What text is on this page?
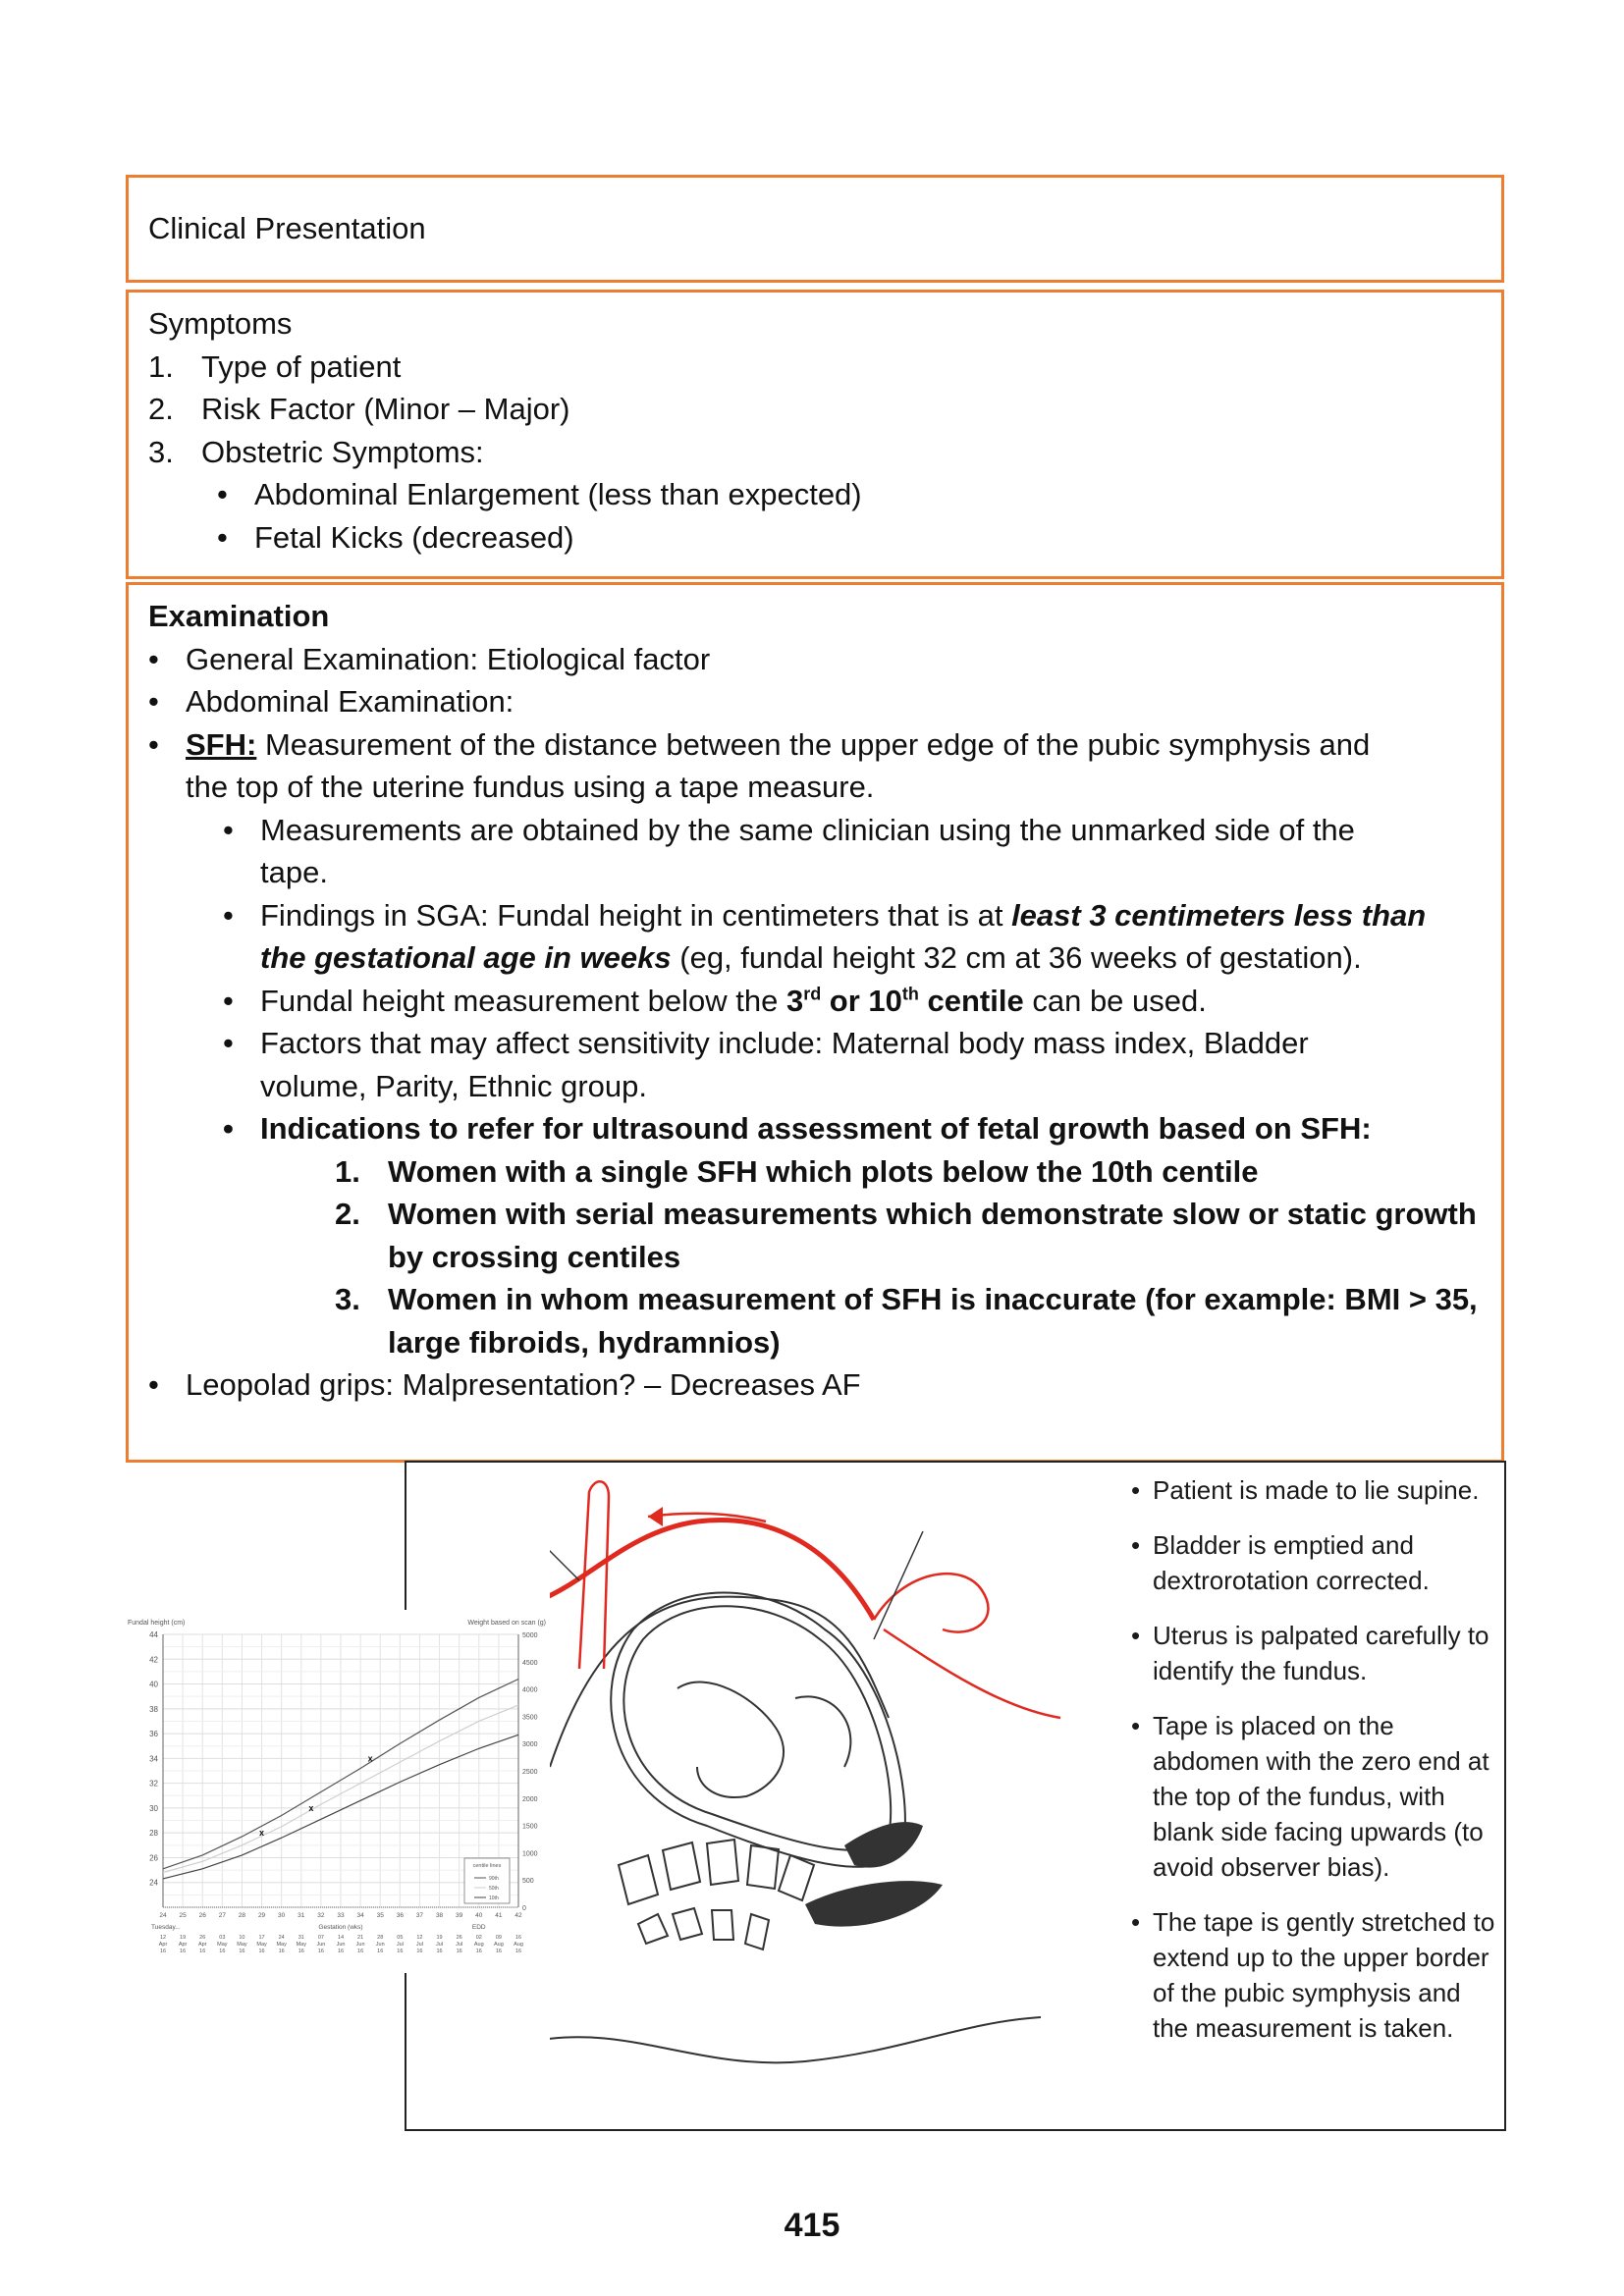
Clinical Presentation
Symptoms
1. Type of patient
2. Risk Factor (Minor – Major)
3. Obstetric Symptoms:
• Abdominal Enlargement (less than expected)
• Fetal Kicks (decreased)
Examination
• General Examination: Etiological factor
• Abdominal Examination:
• SFH: Measurement of the distance between the upper edge of the pubic symphysis and
the top of the uterine fundus using a tape measure.
• Measurements are obtained by the same clinician using the unmarked side of the
tape.
• Findings in SGA: Fundal height in centimeters that is at least 3 centimeters less than
the gestational age in weeks (eg, fundal height 32 cm at 36 weeks of gestation).
• Fundal height measurement below the 3rd or 10th centile can be used.
• Factors that may affect sensitivity include: Maternal body mass index, Bladder
volume, Parity, Ethnic group.
• Indications to refer for ultrasound assessment of fetal growth based on SFH:
1. Women with a single SFH which plots below the 10th centile
2. Women with serial measurements which demonstrate slow or static growth
by crossing centiles
3. Women in whom measurement of SFH is inaccurate (for example: BMI > 35,
large fibroids, hydramnios)
• Leopolad grips: Malpresentation? – Decreases AF
• Patient is made to lie supine.
• Bladder is emptied and dextrorotation corrected.
• Uterus is palpated carefully to identify the fundus.
• Tape is placed on the abdomen with the zero end at the top of the fundus, with blank side facing upwards (to avoid observer bias).
• The tape is gently stretched to extend up to the upper border of the pubic symphysis and the measurement is taken.
Fundal height (cm)	Weight based on scan (g)
24
26
28
30
32
34
36
38
40
42
44
0
500
1000
1500
2000
2500
3000
3500
4000
4500
5000
24 25 26 27 28 29 30 31 32 33 34 35 36 37 38 39 40 41 42
Gestation (wks)
Tuesday...	EDD
12
Apr
16
19
Apr
16
26
Apr
16
03
May
16
10
May
16
17
May
16
24
May
16
31
May
16
07
Jun
16
14
Jun
16
21
Jun
16
28
Jun
16
05
Jul
16
12
Jul
16
19
Jul
16
26
Jul
16
02
Aug
16
09
Aug
16
16
Aug
16
x
x
x
centile lines
90th
50th
10th
415
